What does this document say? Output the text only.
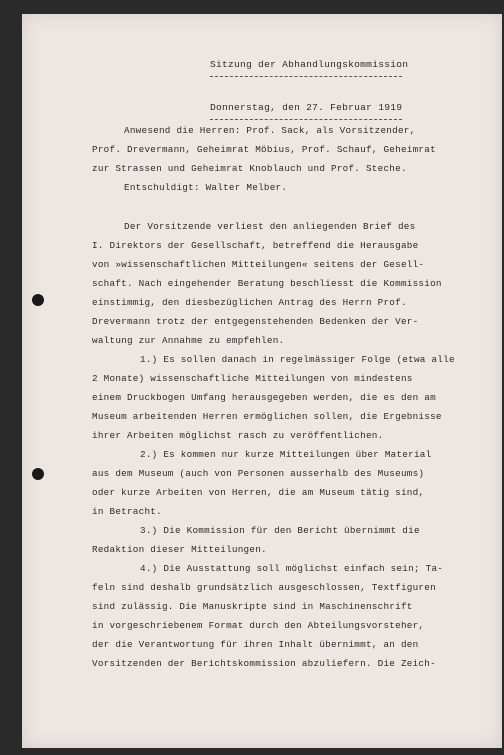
Sitzung der Abhandlungskommission
Donnerstag, den 27. Februar 1919
Anwesend die Herren: Prof. Sack, als Vorsitzender,
Prof. Drevermann, Geheimrat Möbius, Prof. Schauf, Geheimrat
zur Strassen und Geheimrat Knoblauch und Prof. Steche.
Entschuldigt: Walter Melber.
Der Vorsitzende verliest den anliegenden Brief des
I. Direktors der Gesellschaft, betreffend die Herausgabe
von »wissenschaftlichen Mitteilungen« seitens der Gesell-
schaft. Nach eingehender Beratung beschliesst die Kommission
einstimmig, den diesbezüglichen Antrag des Herrn Prof.
Drevermann trotz der entgegenstehenden Bedenken der Ver-
waltung zur Annahme zu empfehlen.
1.) Es sollen danach in regelmässiger Folge (etwa alle
2 Monate) wissenschaftliche Mitteilungen von mindestens
einem Druckbogen Umfang herausgegeben werden, die es den am
Museum arbeitenden Herren ermöglichen sollen, die Ergebnisse
ihrer Arbeiten möglichst rasch zu veröffentlichen.
2.) Es kommen nur kurze Mitteilungen über Material
aus dem Museum (auch von Personen ausserhalb des Museums)
oder kurze Arbeiten von Herren, die am Museum tätig sind,
in Betracht.
3.) Die Kommission für den Bericht übernimmt die
Redaktion dieser Mitteilungen.
4.) Die Ausstattung soll möglichst einfach sein; Ta-
feln sind deshalb grundsätzlich ausgeschlossen, Textfiguren
sind zulässig. Die Manuskripte sind in Maschinenschrift
in vorgeschriebenem Format durch den Abteilungsvorsteher,
der die Verantwortung für ihren Inhalt übernimmt, an den
Vorsitzenden der Berichtskommission abzuliefern. Die Zeich-
